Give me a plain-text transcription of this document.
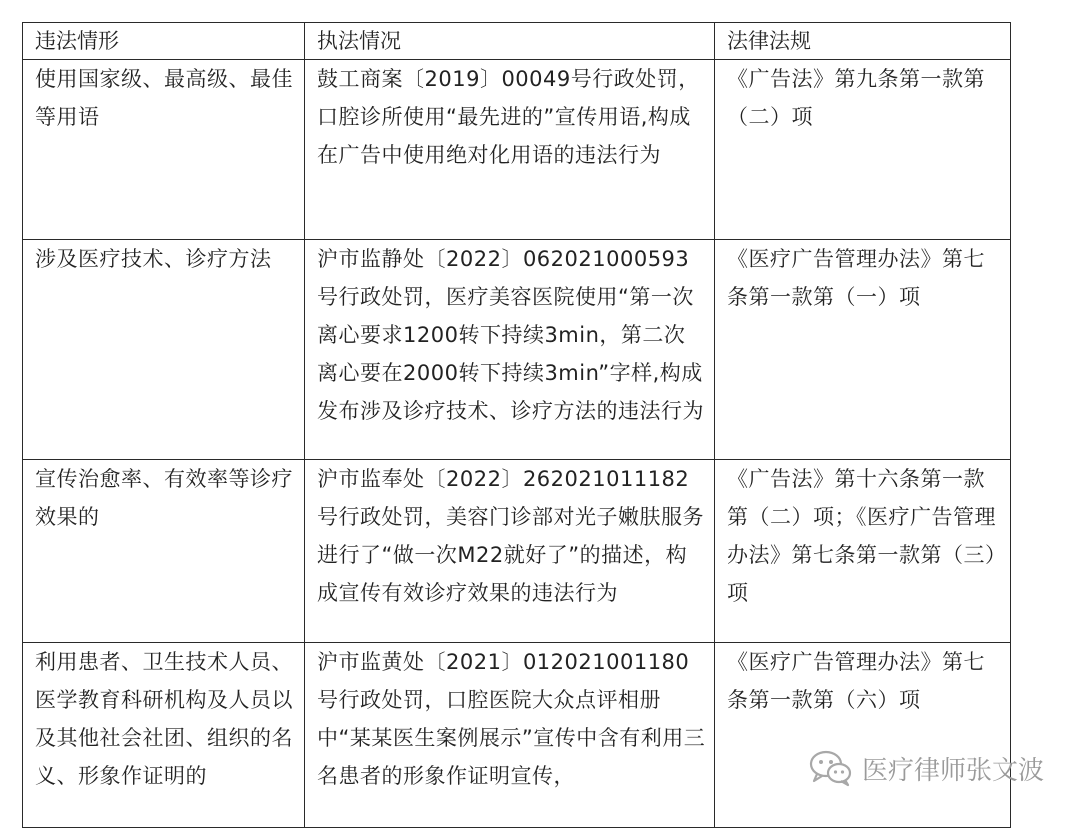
违法情形	执法情况	法律法规

使用国家级、最高级、最佳等用语	鼓工商案〔2019〕00049号行政处罚，口腔诊所使用“最先进的”宣传用语,构成在广告中使用绝对化用语的违法行为	《广告法》第九条第一款第（二）项

涉及医疗技术、诊疗方法	沪市监静处〔2022〕062021000593号行政处罚，医疗美容医院使用“第一次离心要求1200转下持续3min，第二次离心要在2000转下持续3min”字样,构成发布涉及诊疗技术、诊疗方法的违法行为	《医疗广告管理办法》第七条第一款第（一）项

宣传治愈率、有效率等诊疗效果的	沪市监奉处〔2022〕262021011182号行政处罚，美容门诊部对光子嫩肤服务进行了“做一次M22就好了”的描述，构成宣传有效诊疗效果的违法行为	《广告法》第十六条第一款第（二）项；《医疗广告管理办法》第七条第一款第（三）项

利用患者、卫生技术人员、医学教育科研机构及人员以及其他社会社团、组织的名义、形象作证明的	沪市监黄处〔2021〕012021001180号行政处罚，口腔医院大众点评相册中“某某医生案例展示”宣传中含有利用三名患者的形象作证明宣传，	《医疗广告管理办法》第七条第一款第（六）项
医疗律师张文波
